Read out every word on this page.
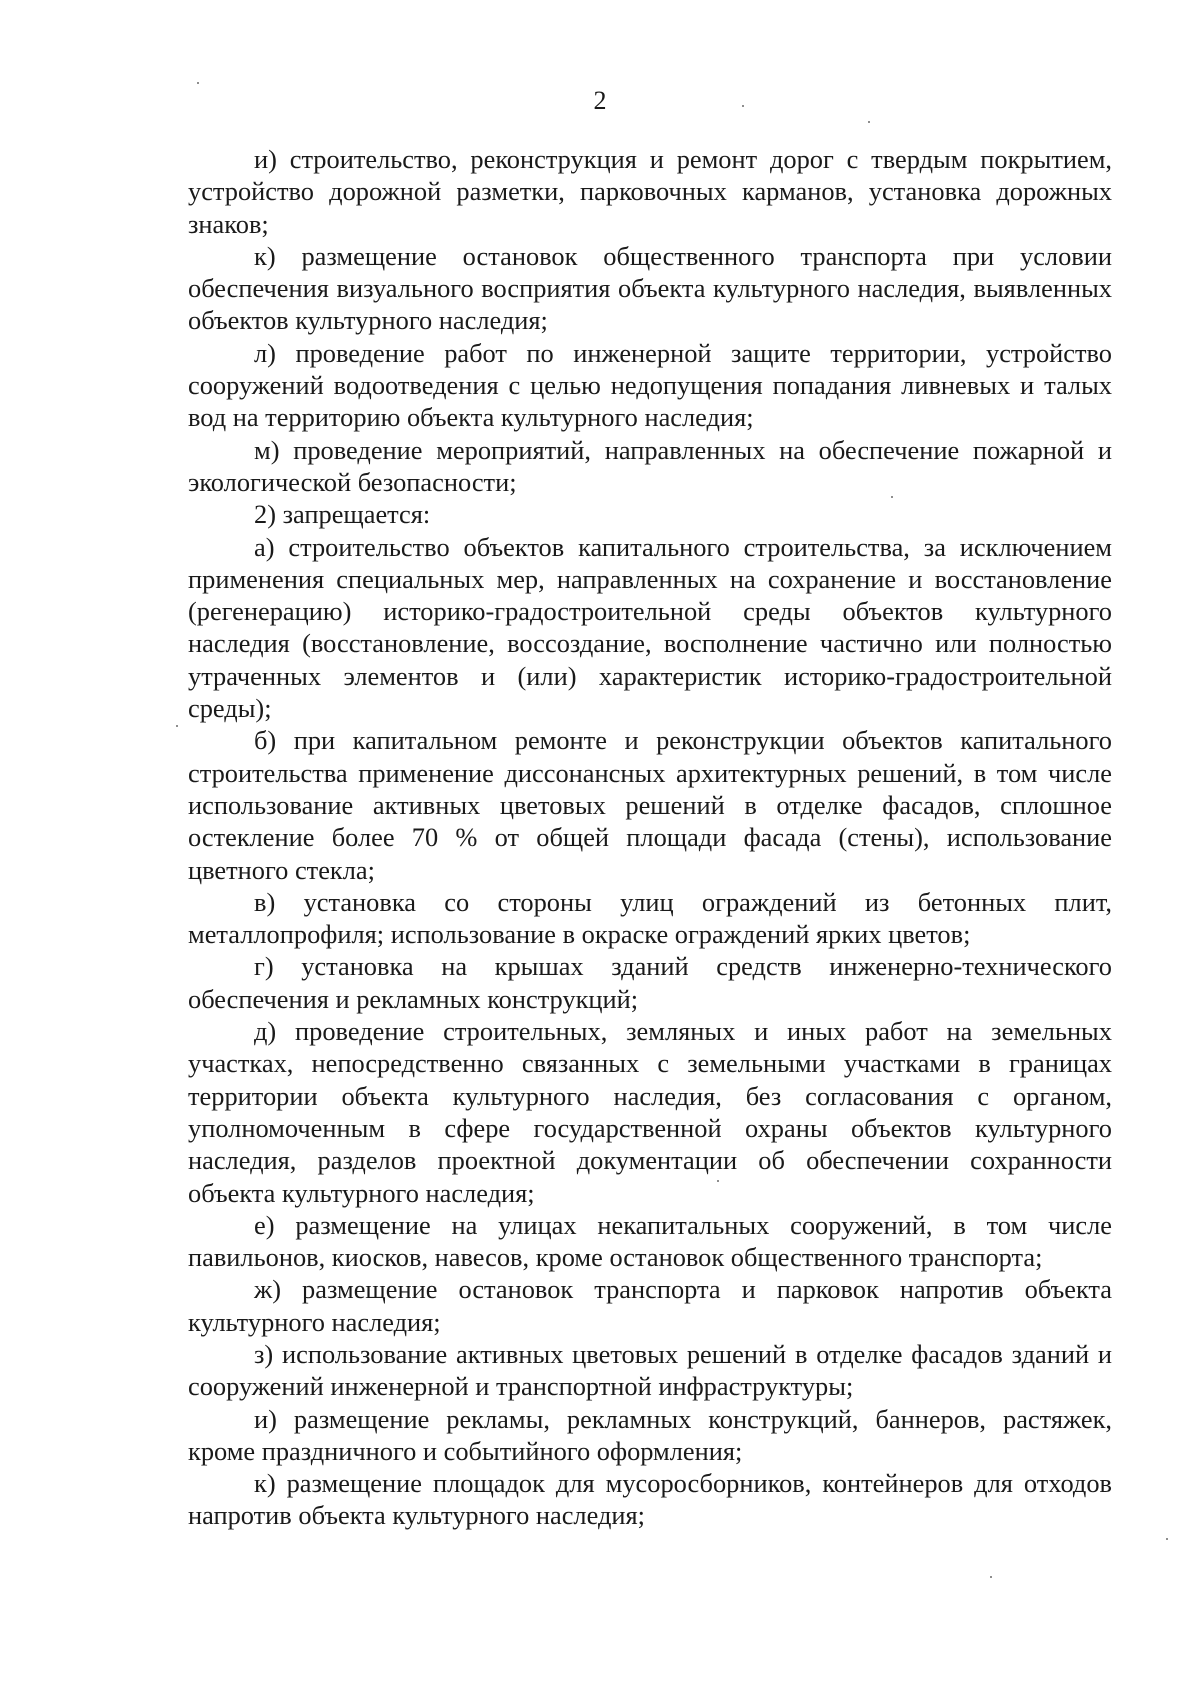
2

и) строительство, реконструкция и ремонт дорог с твердым покрытием, устройство дорожной разметки, парковочных карманов, установка дорожных знаков;

к) размещение остановок общественного транспорта при условии обеспечения визуального восприятия объекта культурного наследия, выявленных объектов культурного наследия;

л) проведение работ по инженерной защите территории, устройство сооружений водоотведения с целью недопущения попадания ливневых и талых вод на территорию объекта культурного наследия;

м) проведение мероприятий, направленных на обеспечение пожарной и экологической безопасности;

2) запрещается:

а) строительство объектов капитального строительства, за исключением применения специальных мер, направленных на сохранение и восстановление (регенерацию) историко-градостроительной среды объектов культурного наследия (восстановление, воссоздание, восполнение частично или полностью утраченных элементов и (или) характеристик историко-градостроительной среды);

б) при капитальном ремонте и реконструкции объектов капитального строительства применение диссонансных архитектурных решений, в том числе использование активных цветовых решений в отделке фасадов, сплошное остекление более 70 % от общей площади фасада (стены), использование цветного стекла;

в) установка со стороны улиц ограждений из бетонных плит, металлопрофиля; использование в окраске ограждений ярких цветов;

г) установка на крышах зданий средств инженерно-технического обеспечения и рекламных конструкций;

д) проведение строительных, земляных и иных работ на земельных участках, непосредственно связанных с земельными участками в границах территории объекта культурного наследия, без согласования с органом, уполномоченным в сфере государственной охраны объектов культурного наследия, разделов проектной документации об обеспечении сохранности объекта культурного наследия;

е) размещение на улицах некапитальных сооружений, в том числе павильонов, киосков, навесов, кроме остановок общественного транспорта;

ж) размещение остановок транспорта и парковок напротив объекта культурного наследия;

з) использование активных цветовых решений в отделке фасадов зданий и сооружений инженерной и транспортной инфраструктуры;

и) размещение рекламы, рекламных конструкций, баннеров, растяжек, кроме праздничного и событийного оформления;

к) размещение площадок для мусоросборников, контейнеров для отходов напротив объекта культурного наследия;
